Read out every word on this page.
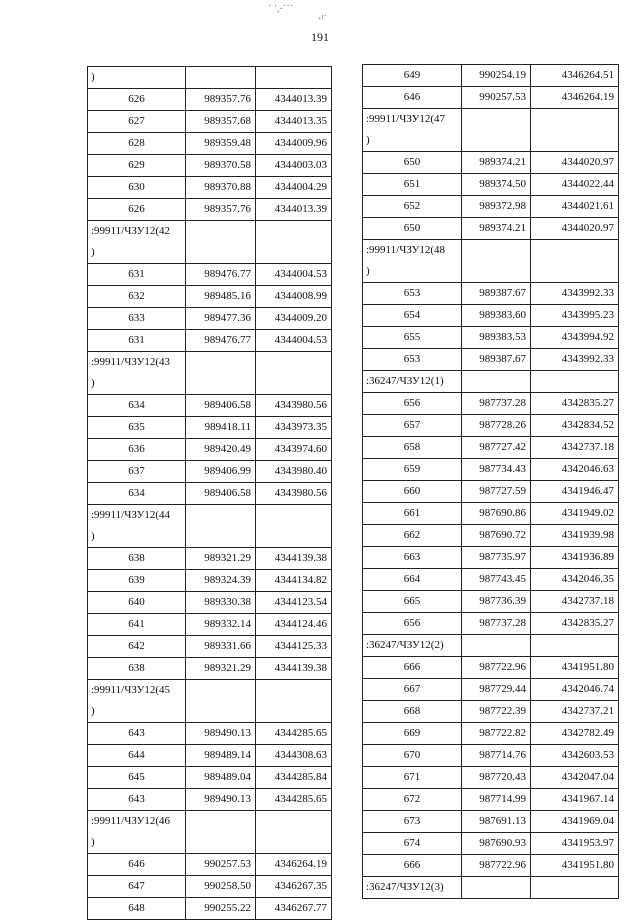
191
˙ ˙.·˙˙˙
·ⁱ˙
)		

626	989357.76	4344013.39
627	989357.68	4344013.35
628	989359.48	4344009.96
629	989370.58	4344003.03
630	989370.88	4344004.29
626	989357.76	4344013.39

:99911/ЧЗУ12(42
)		

631	989476.77	4344004.53
632	989485.16	4344008.99
633	989477.36	4344009.20
631	989476.77	4344004.53

:99911/ЧЗУ12(43
)		

634	989406.58	4343980.56
635	989418.11	4343973.35
636	989420.49	4343974.60
637	989406.99	4343980.40
634	989406.58	4343980.56

:99911/ЧЗУ12(44
)		

638	989321.29	4344139.38
639	989324.39	4344134.82
640	989330.38	4344123.54
641	989332.14	4344124.46
642	989331.66	4344125.33
638	989321.29	4344139.38

:99911/ЧЗУ12(45
)		

643	989490.13	4344285.65
644	989489.14	4344308.63
645	989489.04	4344285.84
643	989490.13	4344285.65

:99911/ЧЗУ12(46
)		

646	990257.53	4346264.19
647	990258.50	4346267.35
648	990255.22	4346267.77
649	990254.19	4346264.51
646	990257.53	4346264.19

:99911/ЧЗУ12(47
)		

650	989374.21	4344020.97
651	989374.50	4344022.44
652	989372.98	4344021.61
650	989374.21	4344020.97

:99911/ЧЗУ12(48
)		

653	989387.67	4343992.33
654	989383.60	4343995.23
655	989383.53	4343994.92
653	989387.67	4343992.33

:36247/ЧЗУ12(1)		

656	987737.28	4342835.27
657	987728.26	4342834.52
658	987727.42	4342737.18
659	987734.43	4342046.63
660	987727.59	4341946.47
661	987690.86	4341949.02
662	987690.72	4341939.98
663	987735.97	4341936.89
664	987743.45	4342046.35
665	987736.39	4342737.18
656	987737.28	4342835.27

:36247/ЧЗУ12(2)		

666	987722.96	4341951.80
667	987729.44	4342046.74
668	987722.39	4342737.21
669	987722.82	4342782.49
670	987714.76	4342603.53
671	987720.43	4342047.04
672	987714.99	4341967.14
673	987691.13	4341969.04
674	987690.93	4341953.97
666	987722.96	4341951.80

:36247/ЧЗУ12(3)		
